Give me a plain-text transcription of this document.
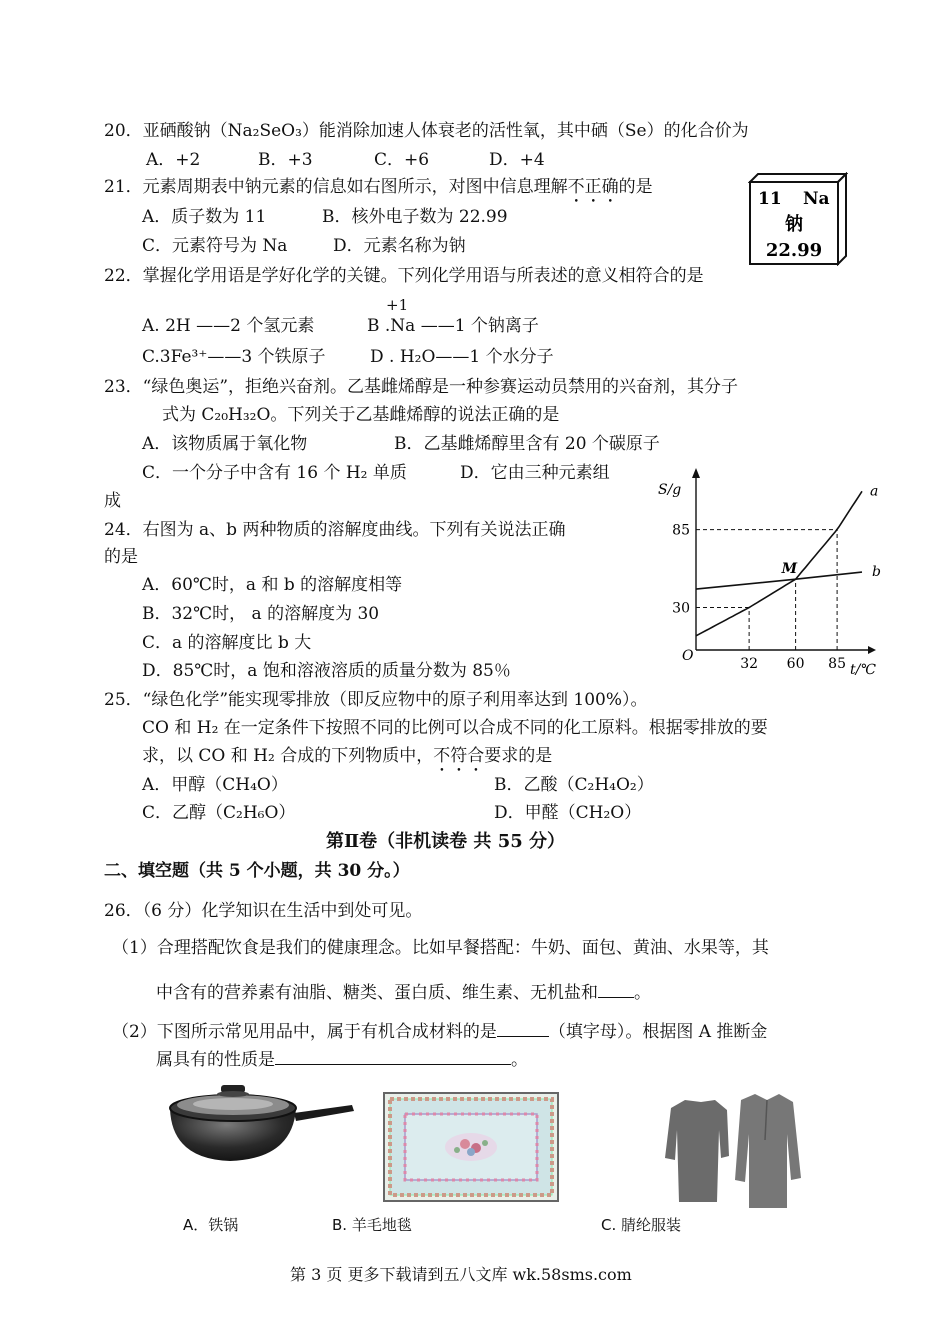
20．亚硒酸钠（Na₂SeO₃）能消除加速人体衰老的活性氧，其中硒（Se）的化合价为
A．+2	B．+3	C．+6	D．+4
21．元素周期表中钠元素的信息如右图所示，对图中信息理解不正确的是
A．质子数为 11	B．核外电子数为 22.99
C．元素符号为 Na	D．元素名称为钠
11 Na
钠
22.99
22．掌握化学用语是学好化学的关键。下列化学用语与所表述的意义相符合的是
+1
A. 2H ——2 个氢元素	B .Na ——1 个钠离子
C.3Fe³⁺——3 个铁原子	D . H₂O——1 个水分子
23．“绿色奥运”，拒绝兴奋剂。乙基雌烯醇是一种参赛运动员禁用的兴奋剂，其分子
式为 C₂₀H₃₂O。下列关于乙基雌烯醇的说法正确的是
A．该物质属于氧化物	B．乙基雌烯醇里含有 20 个碳原子
C．一个分子中含有 16 个 H₂ 单质	D．它由三种元素组
成
24．右图为 a、b 两种物质的溶解度曲线。下列有关说法正确
的是
A．60℃时，a 和 b 的溶解度相等
B．32℃时， a 的溶解度为 30
C．a 的溶解度比 b 大
D．85℃时，a 饱和溶液溶质的质量分数为 85％
S/g
t/℃
O
a
b
M
32 60 85
30
85
25．“绿色化学”能实现零排放（即反应物中的原子利用率达到 100%）。
CO 和 H₂ 在一定条件下按照不同的比例可以合成不同的化工原料。根据零排放的要
求，以 CO 和 H₂ 合成的下列物质中，不符合要求的是
A．甲醇（CH₄O）	B．乙酸（C₂H₄O₂）
C．乙醇（C₂H₆O）	D．甲醛（CH₂O）
第Ⅱ卷（非机读卷 共 55 分）
二、填空题（共 5 个小题，共 30 分。）
26．（6 分）化学知识在生活中到处可见。
（1）合理搭配饮食是我们的健康理念。比如早餐搭配：牛奶、面包、黄油、水果等，其
中含有的营养素有油脂、糖类、蛋白质、维生素、无机盐和 。
（2）下图所示常见用品中，属于有机合成材料的是	（填字母）。根据图 A 推断金
属具有的性质是	。
A．铁锅	B. 羊毛地毯	C. 腈纶服装
第 3 页 更多下载请到五八文库 wk.58sms.com
